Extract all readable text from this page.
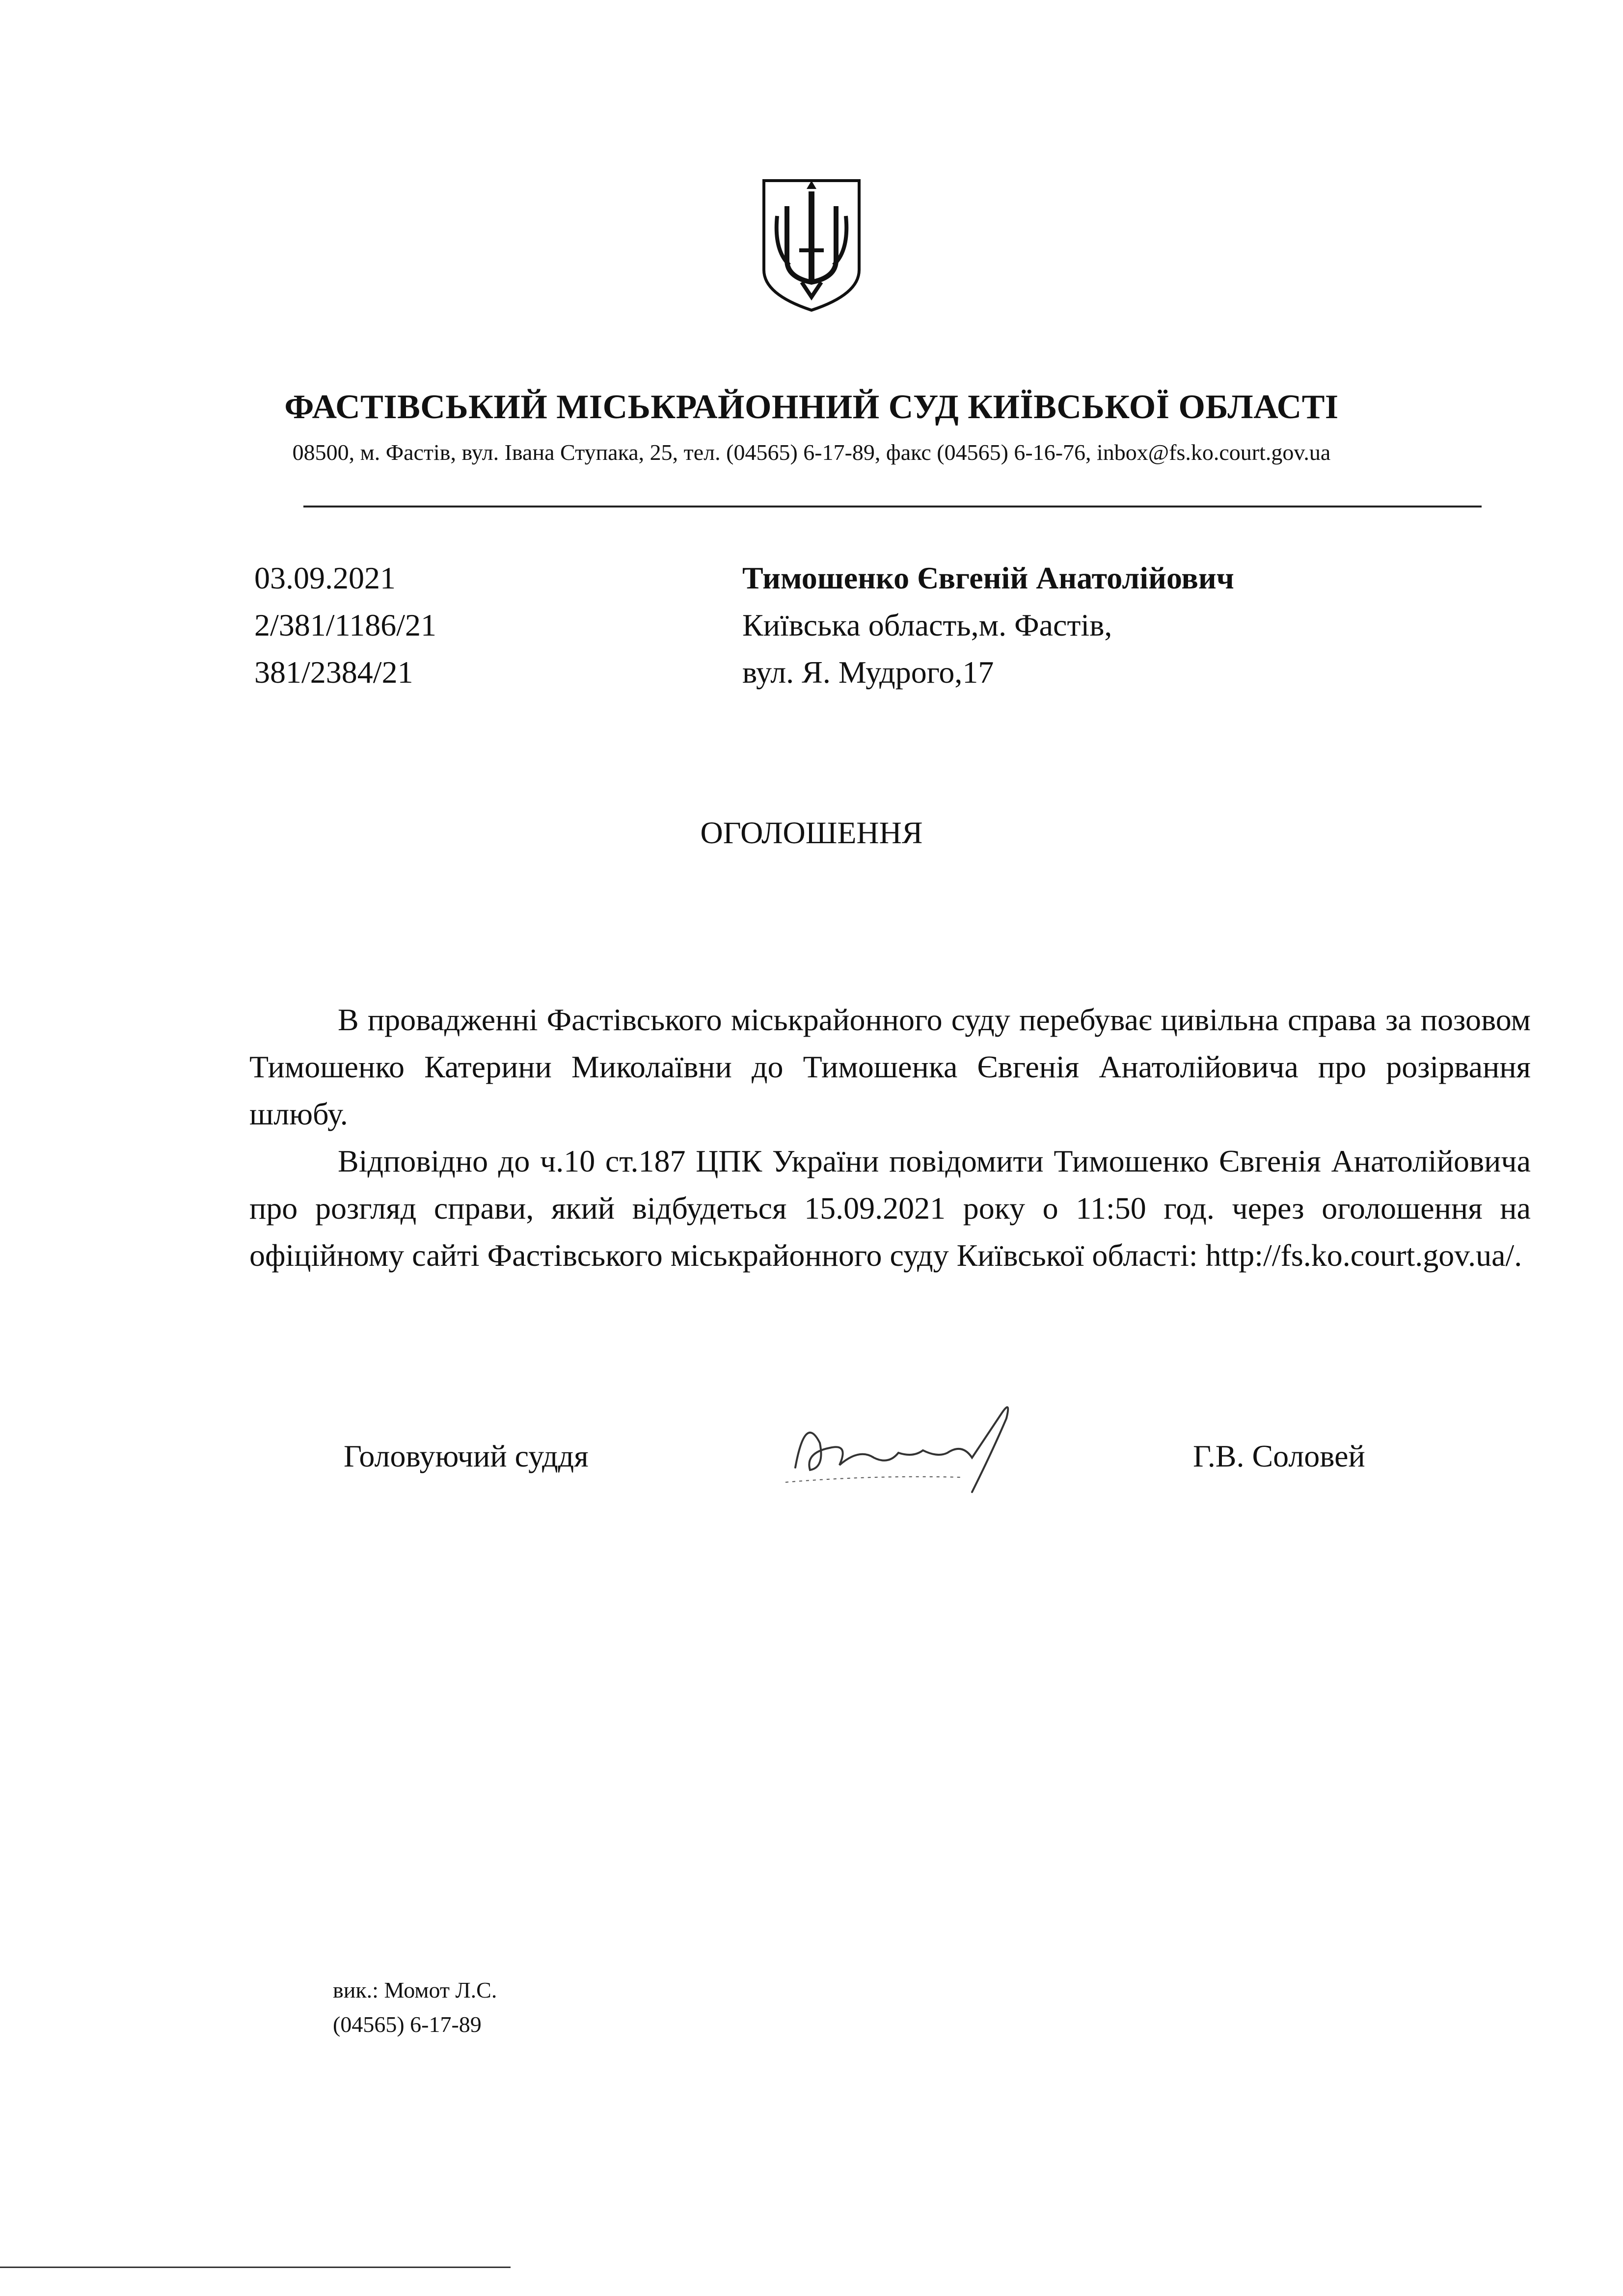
ФАСТІВСЬКИЙ МІСЬКРАЙОННИЙ СУД КИЇВСЬКОЇ ОБЛАСТІ
08500, м. Фастів, вул. Івана Ступака, 25, тел. (04565) 6-17-89, факс (04565) 6-16-76, inbox@fs.ko.court.gov.ua
03.09.2021
2/381/1186/21
381/2384/21
Тимошенко Євгеній Анатолійович
Київська область,м. Фастів,
вул. Я. Мудрого,17
ОГОЛОШЕННЯ

В провадженні Фастівського міськрайонного суду перебуває цивільна справа за позовом Тимошенко Катерини Миколаївни до Тимошенка Євгенія Анатолійовича про розірвання шлюбу.

Відповідно до ч.10 ст.187 ЦПК України повідомити Тимошенко Євгенія Анатолійовича про розгляд справи, який відбудеться 15.09.2021 року о 11:50 год. через оголошення на офіційному сайті Фастівського міськрайонного суду Київської області: http://fs.ko.court.gov.ua/.

Головуючий суддя	Г.В. Соловей
вик.: Момот Л.С.
(04565) 6-17-89
